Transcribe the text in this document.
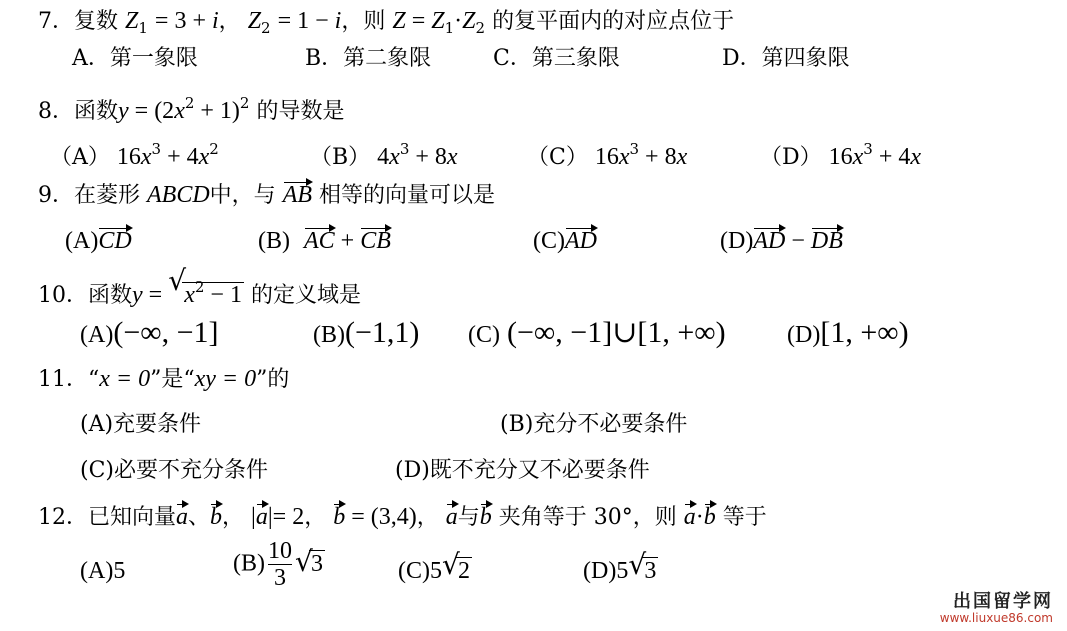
7．复数 $Z_1 = 3 + i$， $Z_2 = 1 - i$，则 $Z = Z_1\cdot Z_2$ 的复平面内的对应点位于
A．第一象限	B．第二象限	C．第三象限	D．第四象限
8．函数$y = (2x^2 + 1)^2$ 的导数是
（A） $16x^3 + 4x^2$	（B） $4x^3 + 8x$	（C） $16x^3 + 8x$	（D） $16x^3 + 4x$
9．在菱形 ABCD中，与 AB 相等的向量可以是
(A)CD	(B) AC + CB	(C)AD	(D)AD − DB
10．函数y = √
$x^2 - 1$ 的定义域是
(A)(−∞, −1]	(B)(−1,1) (C) (−∞, −1]∪[1, +∞)	(D)[1, +∞)
11．“x = 0”是“xy = 0”的
(A)充要条件	(B)充分不必要条件
(C)必要不充分条件	(D)既不充分又不必要条件
12．已知向量a、b， |a|= 2， b = (3,4)， a与b 夹角等于 30°，则 a·b 等于
(A)5	$(B) \frac{10}{3}$ √
3	(C)5 √
2	(D)5 √
3
出国留学网
www.liuxue86.com
